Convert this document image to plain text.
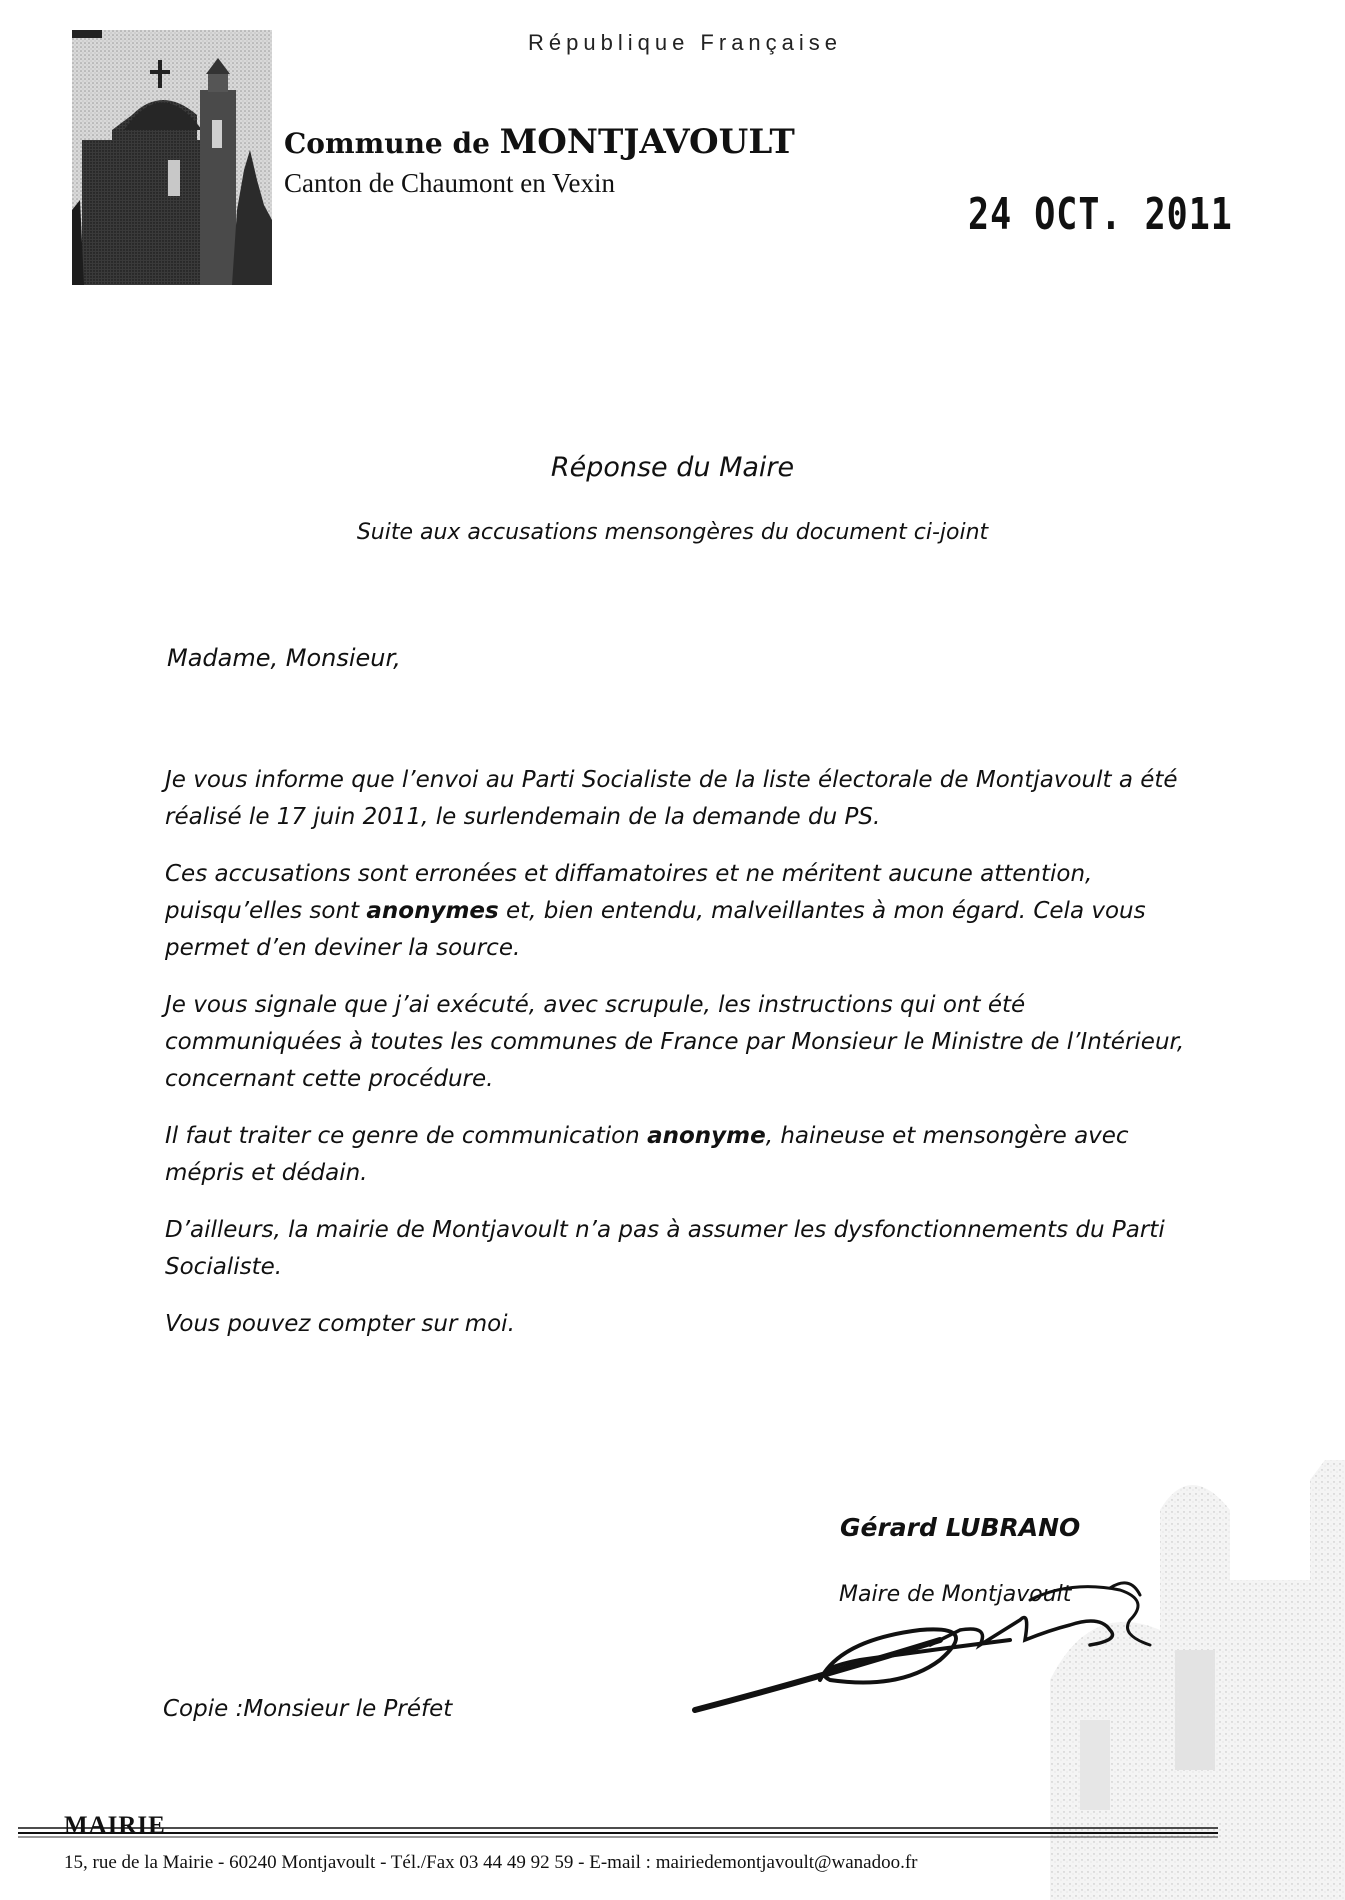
République Française
Commune de MONTJAVOULT
Canton de Chaumont en Vexin
24 OCT. 2011
Réponse du Maire
Suite aux accusations mensongères du document ci-joint
Madame, Monsieur,

Je vous informe que l’envoi au Parti Socialiste de la liste électorale de Montjavoult a été réalisé le 17 juin 2011, le surlendemain de la demande du PS.

Ces accusations sont erronées et diffamatoires et ne méritent aucune attention, puisqu’elles sont anonymes et, bien entendu, malveillantes à mon égard. Cela vous permet d’en deviner la source.

Je vous signale que j’ai exécuté, avec scrupule, les instructions qui ont été communiquées à toutes les communes de France par Monsieur le Ministre de l’Intérieur, concernant cette procédure.

Il faut traiter ce genre de communication anonyme, haineuse et mensongère avec mépris et dédain.

D’ailleurs, la mairie de Montjavoult n’a pas à assumer les dysfonctionnements du Parti Socialiste.

Vous pouvez compter sur moi.

Gérard LUBRANO
Maire de Montjavoult
Copie :Monsieur le Préfet
MAIRIE
15, rue de la Mairie - 60240 Montjavoult - Tél./Fax 03 44 49 92 59 - E-mail : mairiedemontjavoult@wanadoo.fr
